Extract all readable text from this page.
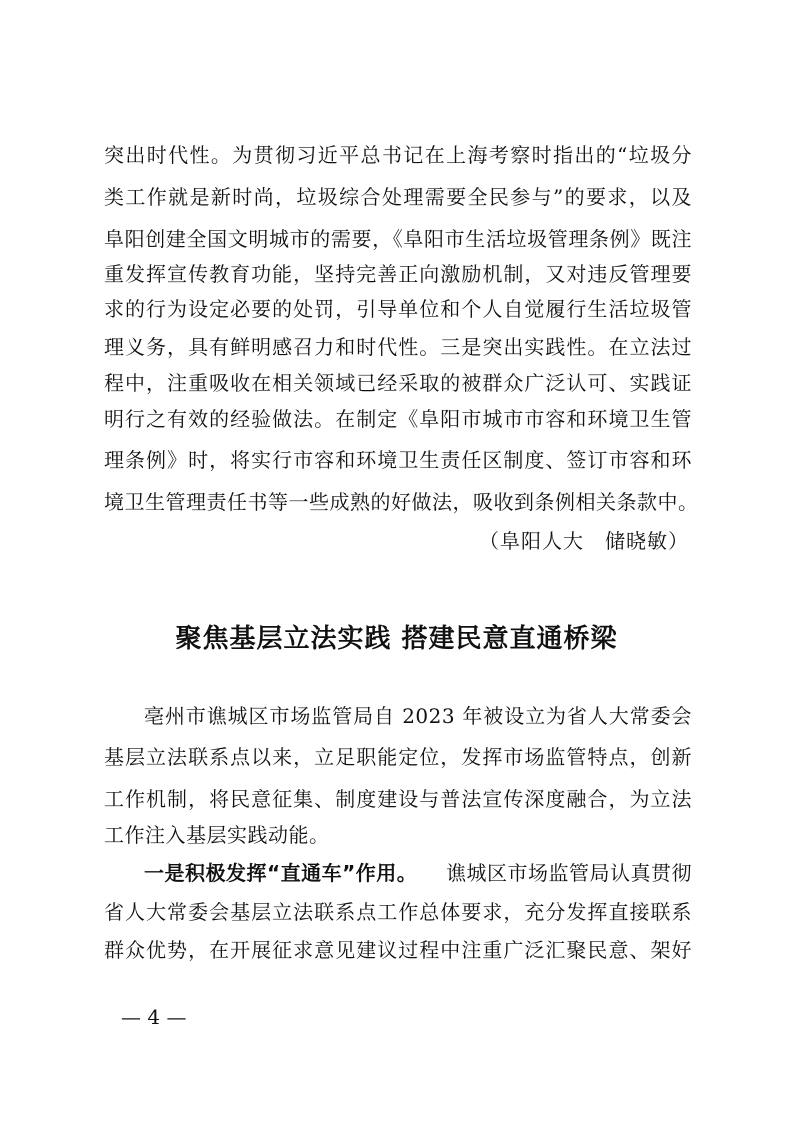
突出时代性。为贯彻习近平总书记在上海考察时指出的“垃圾分
类工作就是新时尚，垃圾综合处理需要全民参与”的要求，以及
阜阳创建全国文明城市的需要，《阜阳市生活垃圾管理条例》既注
重发挥宣传教育功能，坚持完善正向激励机制，又对违反管理要
求的行为设定必要的处罚，引导单位和个人自觉履行生活垃圾管
理义务，具有鲜明感召力和时代性。三是突出实践性。在立法过
程中，注重吸收在相关领域已经采取的被群众广泛认可、实践证
明行之有效的经验做法。在制定《阜阳市城市市容和环境卫生管
理条例》时，将实行市容和环境卫生责任区制度、签订市容和环
境卫生管理责任书等一些成熟的好做法，吸收到条例相关条款中。
（阜阳人大　储晓敏）
聚焦基层立法实践 搭建民意直通桥梁
亳州市谯城区市场监管局自 2023 年被设立为省人大常委会
基层立法联系点以来，立足职能定位，发挥市场监管特点，创新
工作机制，将民意征集、制度建设与普法宣传深度融合，为立法
工作注入基层实践动能。
一是积极发挥“直通车”作用。 谯城区市场监管局认真贯彻
省人大常委会基层立法联系点工作总体要求，充分发挥直接联系
群众优势，在开展征求意见建议过程中注重广泛汇聚民意、架好
— 4 —
